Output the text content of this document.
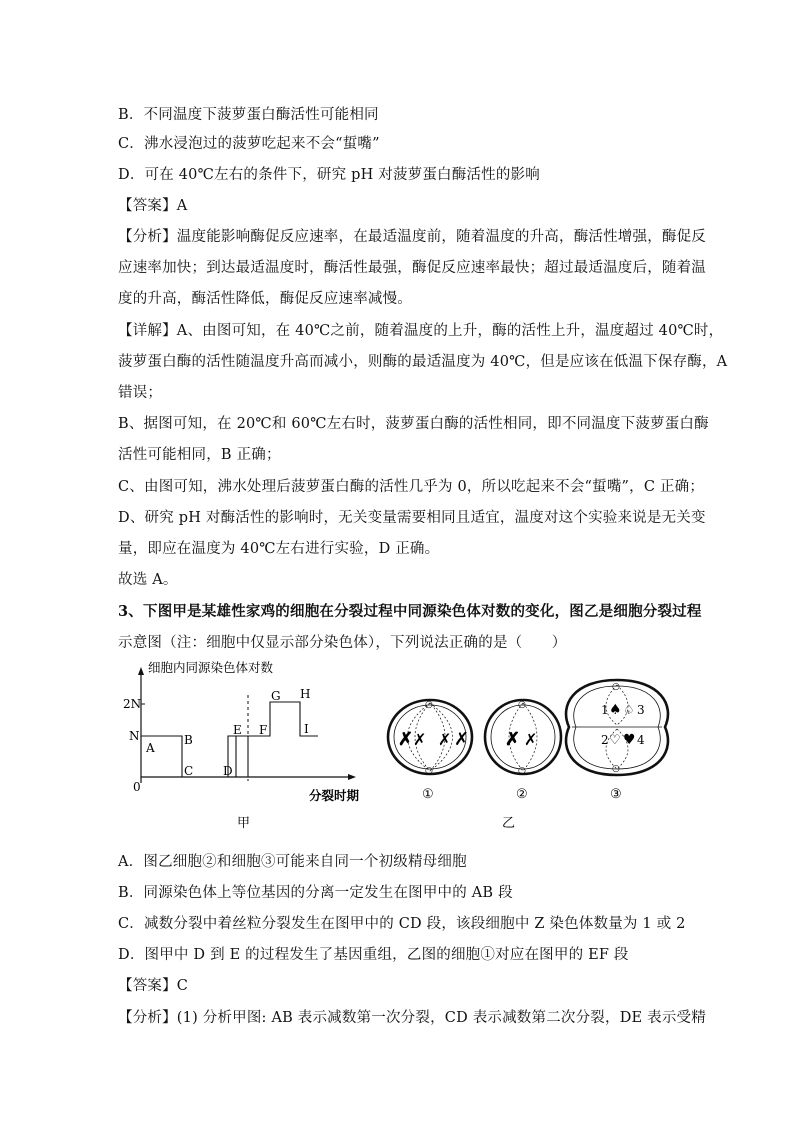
B．不同温度下菠萝蛋白酶活性可能相同
C．沸水浸泡过的菠萝吃起来不会“蜇嘴”
D．可在 40℃左右的条件下，研究 pH 对菠萝蛋白酶活性的影响
【答案】A
【分析】温度能影响酶促反应速率，在最适温度前，随着温度的升高，酶活性增强，酶促反
应速率加快；到达最适温度时，酶活性最强，酶促反应速率最快；超过最适温度后，随着温
度的升高，酶活性降低，酶促反应速率减慢。
【详解】A、由图可知，在 40℃之前，随着温度的上升，酶的活性上升，温度超过 40℃时，
菠萝蛋白酶的活性随温度升高而减小，则酶的最适温度为 40℃，但是应该在低温下保存酶，A
错误；
B、据图可知，在 20℃和 60℃左右时，菠萝蛋白酶的活性相同，即不同温度下菠萝蛋白酶
活性可能相同，B 正确；
C、由图可知，沸水处理后菠萝蛋白酶的活性几乎为 0，所以吃起来不会“蜇嘴”，C 正确；
D、研究 pH 对酶活性的影响时，无关变量需要相同且适宜，温度对这个实验来说是无关变
量，即应在温度为 40℃左右进行实验，D 正确。
故选 A。
3、下图甲是某雄性家鸡的细胞在分裂过程中同源染色体对数的变化，图乙是细胞分裂过程
示意图（注：细胞中仅显示部分染色体），下列说法正确的是（　　）
细胞内同源染色体对数
2N
N
0
A
B
C D
E F
G H
I
分裂时期
甲
○
○
✗ ✗ ✗ ✗
①
○
○
✗ ✗
②
○
○
1
2
3
4
♠ ♤
♡ ♥
③
乙
A．图乙细胞②和细胞③可能来自同一个初级精母细胞
B．同源染色体上等位基因的分离一定发生在图甲中的 AB 段
C．减数分裂中着丝粒分裂发生在图甲中的 CD 段，该段细胞中 Z 染色体数量为 1 或 2
D．图甲中 D 到 E 的过程发生了基因重组，乙图的细胞①对应在图甲的 EF 段
【答案】C
【分析】(1) 分析甲图: AB 表示减数第一次分裂，CD 表示减数第二次分裂，DE 表示受精
